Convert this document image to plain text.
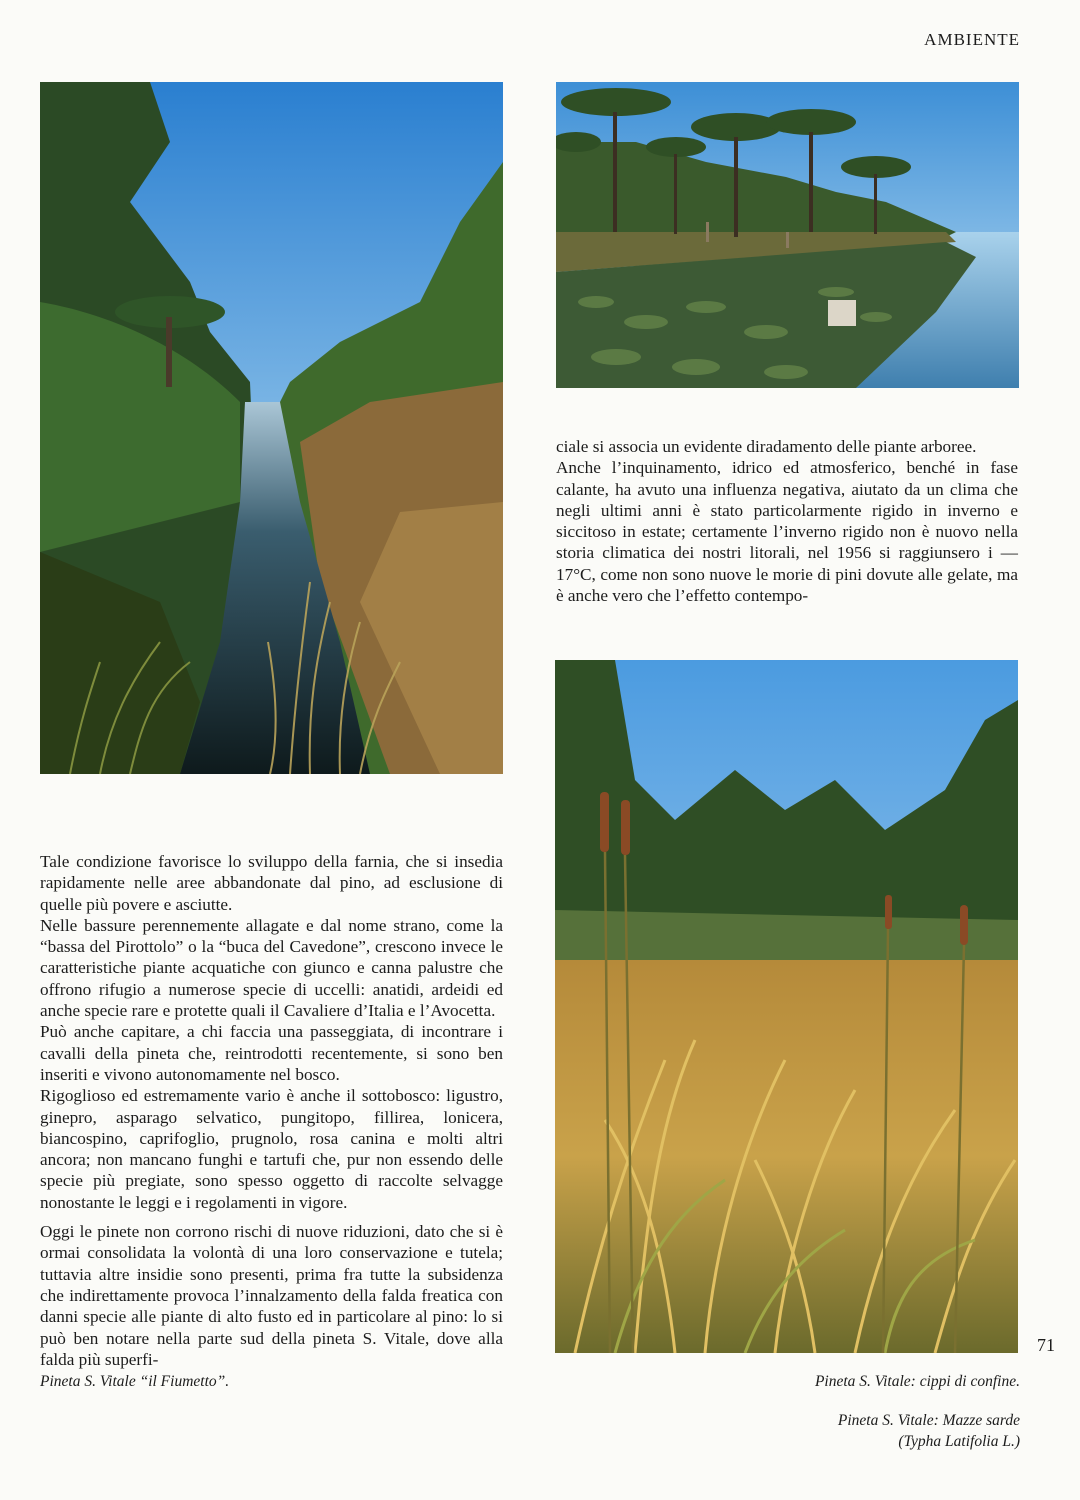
AMBIENTE

ciale si associa un evidente diradamento delle piante arboree.

Anche l’inquinamento, idrico ed atmosferico, benché in fase calante, ha avuto una influenza negativa, aiutato da un clima che negli ultimi anni è stato particolarmente rigido in inverno e siccitoso in estate; certamente l’inverno rigido non è nuovo nella storia climatica dei nostri litorali, nel 1956 si raggiunsero i —17°C, come non sono nuove le morie di pini dovute alle gelate, ma è anche vero che l’effetto contempo-

Tale condizione favorisce lo sviluppo della farnia, che si insedia rapidamente nelle aree abbandonate dal pino, ad esclusione di quelle più povere e asciutte.

Nelle bassure perennemente allagate e dal nome strano, come la “bassa del Pirottolo” o la “buca del Cavedone”, crescono invece le caratteristiche piante acquatiche con giunco e canna palustre che offrono rifugio a numerose specie di uccelli: anatidi, ardeidi ed anche specie rare e protette quali il Cavaliere d’Italia e l’Avocetta.

Può anche capitare, a chi faccia una passeggiata, di incontrare i cavalli della pineta che, reintrodotti recentemente, si sono ben inseriti e vivono autonomamente nel bosco.

Rigoglioso ed estremamente vario è anche il sottobosco: ligustro, ginepro, asparago selvatico, pungitopo, fillirea, lonicera, biancospino, caprifoglio, prugnolo, rosa canina e molti altri ancora; non mancano funghi e tartufi che, pur non essendo delle specie più pregiate, sono spesso oggetto di raccolte selvagge nonostante le leggi e i regolamenti in vigore.

Oggi le pinete non corrono rischi di nuove riduzioni, dato che si è ormai consolidata la volontà di una loro conservazione e tutela; tuttavia altre insidie sono presenti, prima fra tutte la subsidenza che indirettamente provoca l’innalzamento della falda freatica con danni specie alle piante di alto fusto ed in particolare al pino: lo si può ben notare nella parte sud della pineta S. Vitale, dove alla falda più superfi-

71
Pineta S. Vitale “il Fiumetto”.	Pineta S. Vitale: cippi di confine.
Pineta S. Vitale: Mazze sarde
(Typha Latifolia L.)
